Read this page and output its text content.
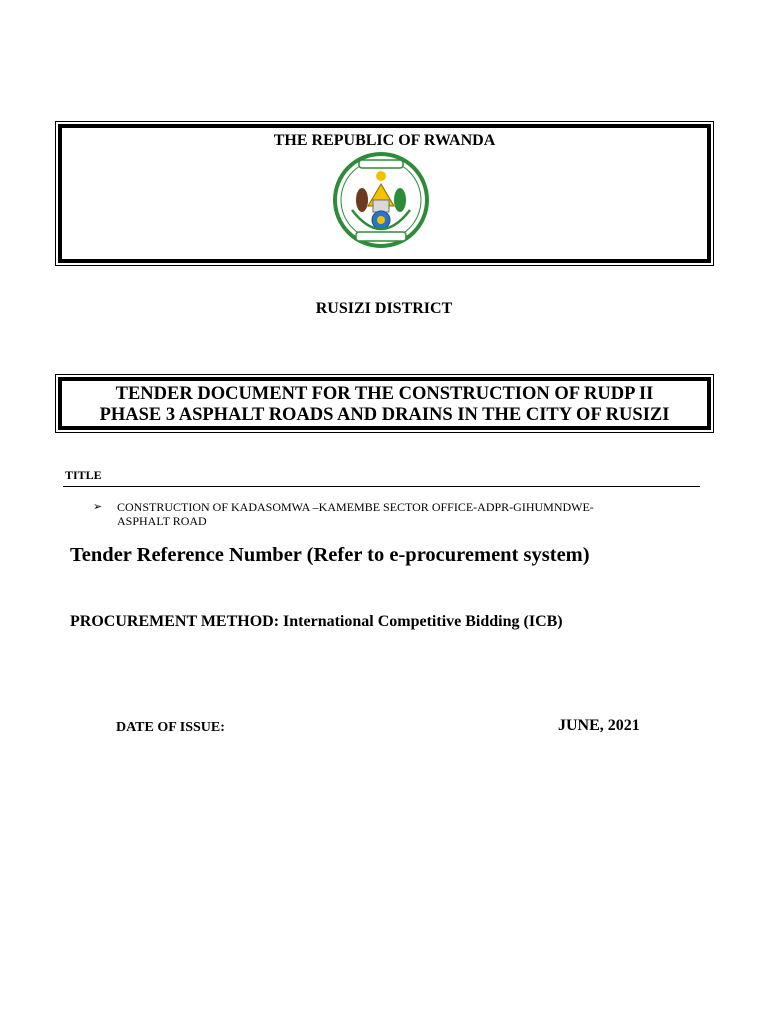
THE REPUBLIC OF RWANDA
RUSIZI DISTRICT
TENDER DOCUMENT FOR THE CONSTRUCTION OF RUDP II
PHASE 3 ASPHALT ROADS AND DRAINS IN THE CITY OF RUSIZI
TITLE
➢ CONSTRUCTION OF KADASOMWA –KAMEMBE SECTOR OFFICE-ADPR-GIHUMNDWE-
ASPHALT ROAD
Tender Reference Number (Refer to e-procurement system)
PROCUREMENT METHOD: International Competitive Bidding (ICB)
DATE OF ISSUE:	JUNE, 2021
